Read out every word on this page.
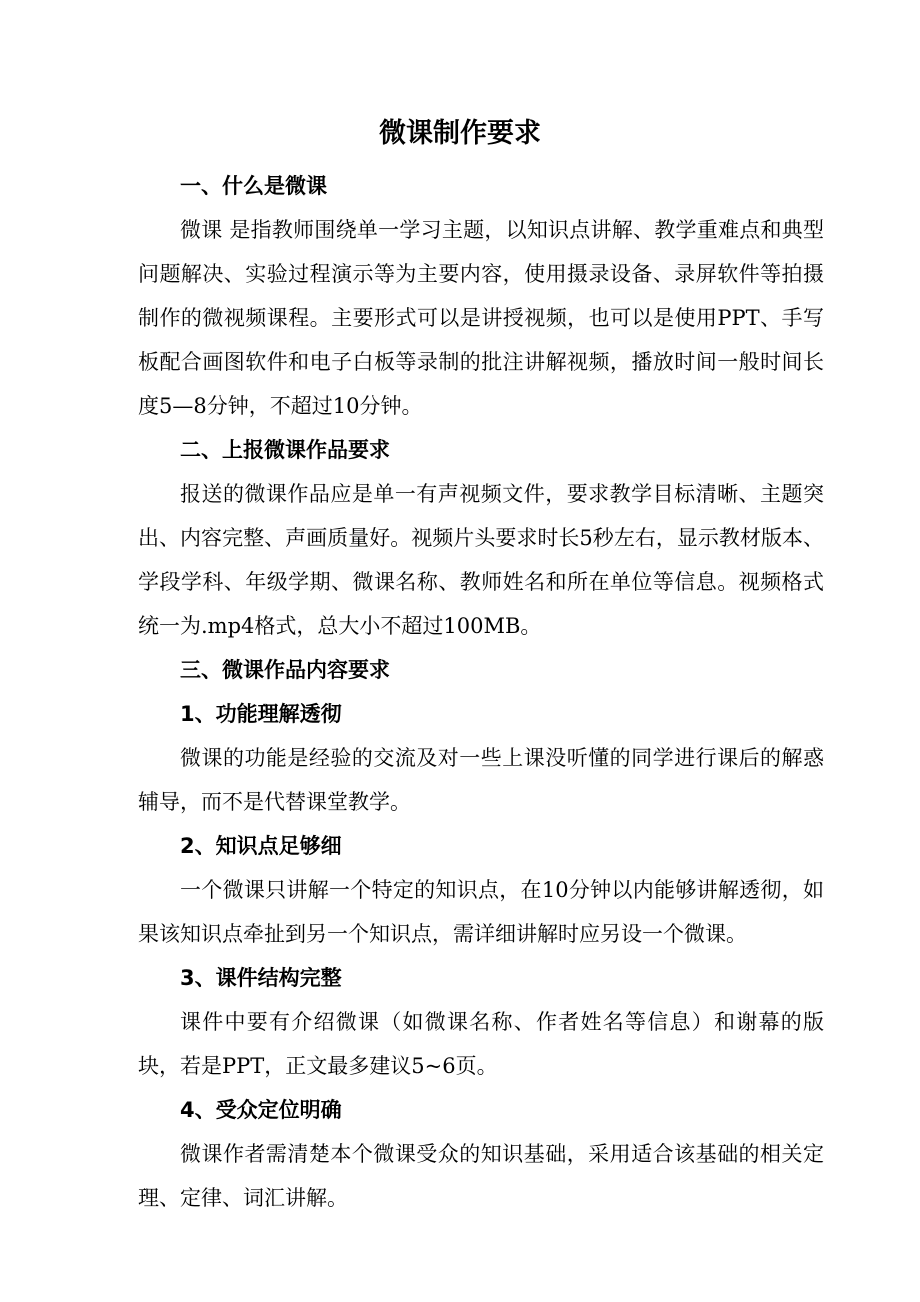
微课制作要求
一、什么是微课

微课 是指教师围绕单一学习主题，以知识点讲解、教学重难点和典型问题解决、实验过程演示等为主要内容，使用摄录设备、录屏软件等拍摄制作的微视频课程。主要形式可以是讲授视频，也可以是使用PPT、手写板配合画图软件和电子白板等录制的批注讲解视频，播放时间一般时间长度5—8分钟，不超过10分钟。

二、上报微课作品要求

报送的微课作品应是单一有声视频文件，要求教学目标清晰、主题突出、内容完整、声画质量好。视频片头要求时长5秒左右，显示教材版本、学段学科、年级学期、微课名称、教师姓名和所在单位等信息。视频格式统一为.mp4格式，总大小不超过100MB。

三、微课作品内容要求
1、功能理解透彻

微课的功能是经验的交流及对一些上课没听懂的同学进行课后的解惑辅导，而不是代替课堂教学。

2、知识点足够细

一个微课只讲解一个特定的知识点，在10分钟以内能够讲解透彻，如果该知识点牵扯到另一个知识点，需详细讲解时应另设一个微课。

3、课件结构完整

课件中要有介绍微课（如微课名称、作者姓名等信息）和谢幕的版块，若是PPT，正文最多建议5~6页。

4、受众定位明确

微课作者需清楚本个微课受众的知识基础，采用适合该基础的相关定理、定律、词汇讲解。
